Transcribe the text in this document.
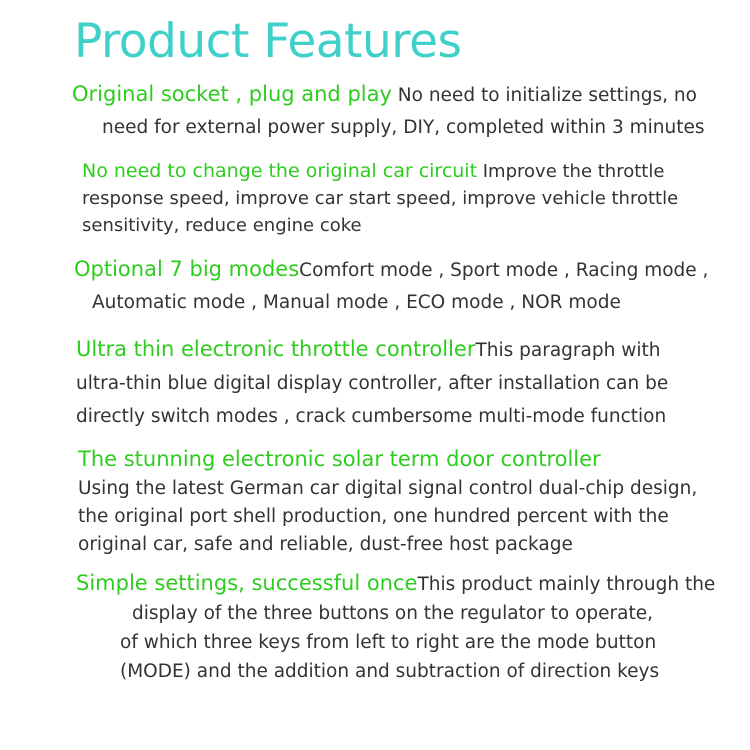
Product Features
Original socket , plug and play No need to initialize settings, no
need for external power supply, DIY, completed within 3 minutes
No need to change the original car circuit Improve the throttle
response speed, improve car start speed, improve vehicle throttle
sensitivity, reduce engine coke
Optional 7 big modesComfort mode , Sport mode , Racing mode ,
Automatic mode , Manual mode , ECO mode , NOR mode
Ultra thin electronic throttle controllerThis paragraph with
ultra-thin blue digital display controller, after installation can be
directly switch modes , crack cumbersome multi-mode function
The stunning electronic solar term door controller
Using the latest German car digital signal control dual-chip design,
the original port shell production, one hundred percent with the
original car, safe and reliable, dust-free host package
Simple settings, successful onceThis product mainly through the
display of the three buttons on the regulator to operate,
of which three keys from left to right are the mode button
(MODE) and the addition and subtraction of direction keys
